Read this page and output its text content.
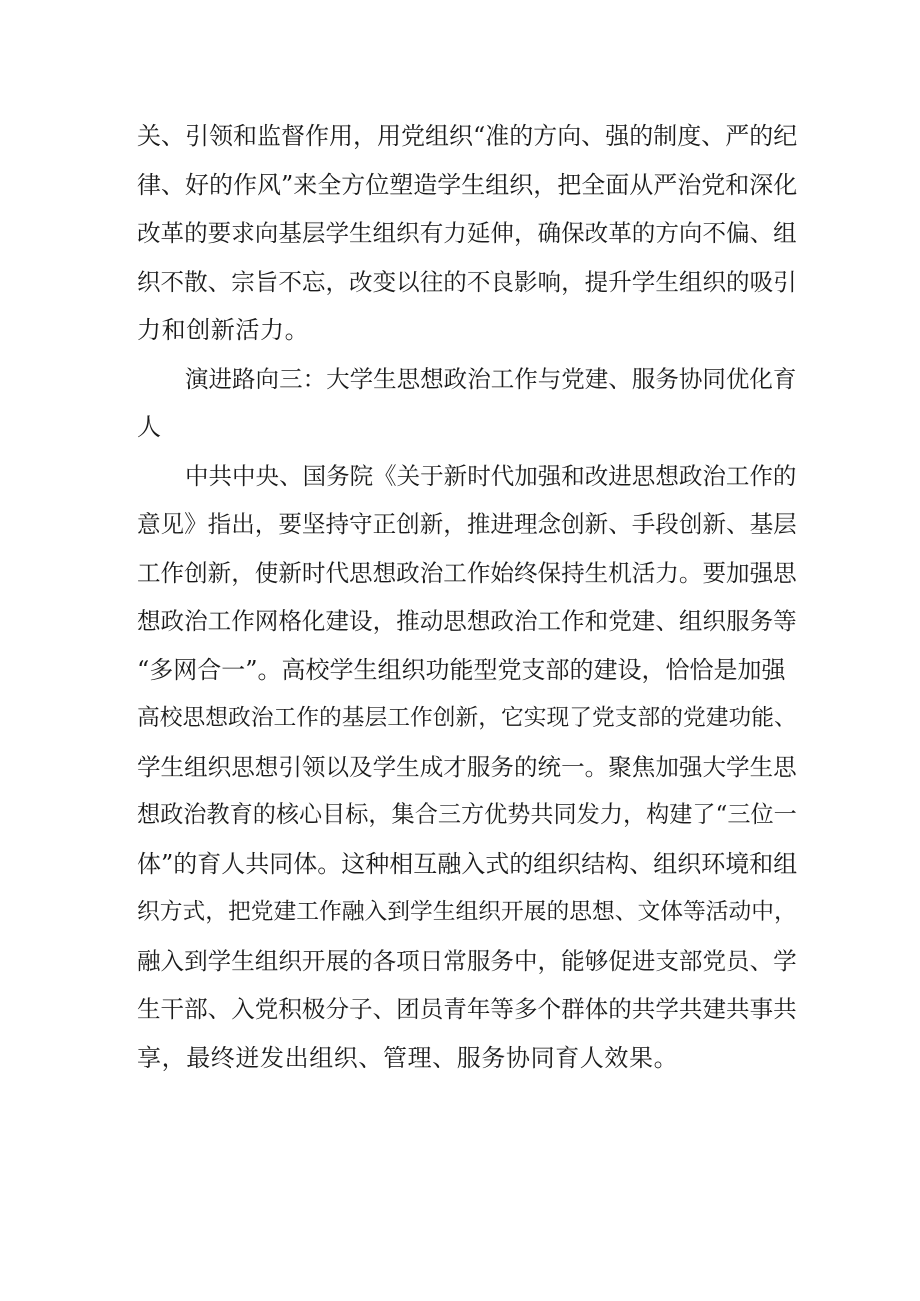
关、引领和监督作用，用党组织“准的方向、强的制度、严的纪
律、好的作风”来全方位塑造学生组织，把全面从严治党和深化
改革的要求向基层学生组织有力延伸，确保改革的方向不偏、组
织不散、宗旨不忘，改变以往的不良影响，提升学生组织的吸引
力和创新活力。
演进路向三：大学生思想政治工作与党建、服务协同优化育
人
中共中央、国务院《关于新时代加强和改进思想政治工作的
意见》指出，要坚持守正创新，推进理念创新、手段创新、基层
工作创新，使新时代思想政治工作始终保持生机活力。要加强思
想政治工作网格化建设，推动思想政治工作和党建、组织服务等
“多网合一”。高校学生组织功能型党支部的建设，恰恰是加强
高校思想政治工作的基层工作创新，它实现了党支部的党建功能、
学生组织思想引领以及学生成才服务的统一。聚焦加强大学生思
想政治教育的核心目标，集合三方优势共同发力，构建了“三位一
体”的育人共同体。这种相互融入式的组织结构、组织环境和组
织方式，把党建工作融入到学生组织开展的思想、文体等活动中，
融入到学生组织开展的各项日常服务中，能够促进支部党员、学
生干部、入党积极分子、团员青年等多个群体的共学共建共事共
享，最终迸发出组织、管理、服务协同育人效果。
